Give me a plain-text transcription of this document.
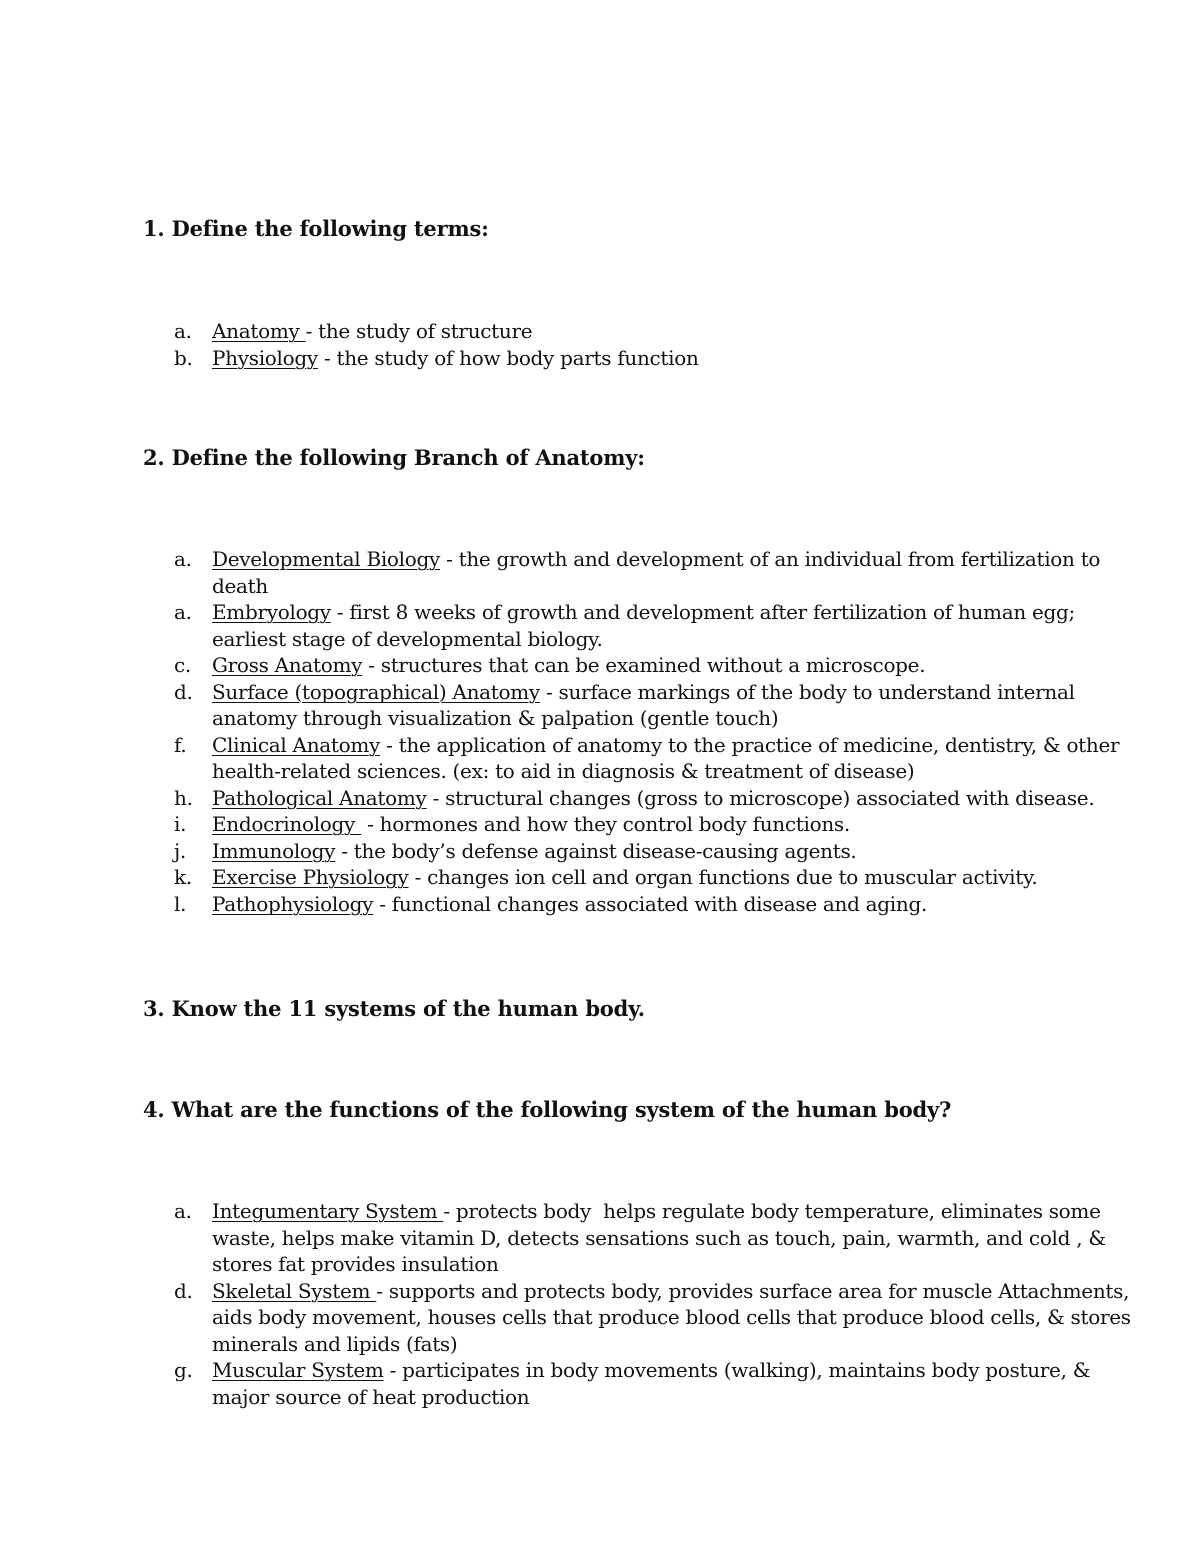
1. Define the following terms:
a. Anatomy - the study of structure
b. Physiology - the study of how body parts function
2. Define the following Branch of Anatomy:
a. Developmental Biology - the growth and development of an individual from fertilization to death
a. Embryology - first 8 weeks of growth and development after fertilization of human egg; earliest stage of developmental biology.
c. Gross Anatomy - structures that can be examined without a microscope.
d. Surface (topographical) Anatomy - surface markings of the body to understand internal anatomy through visualization & palpation (gentle touch)
f. Clinical Anatomy - the application of anatomy to the practice of medicine, dentistry, & other health-related sciences. (ex: to aid in diagnosis & treatment of disease)
h. Pathological Anatomy - structural changes (gross to microscope) associated with disease.
i. Endocrinology  - hormones and how they control body functions.
j. Immunology - the body’s defense against disease-causing agents.
k. Exercise Physiology - changes ion cell and organ functions due to muscular activity.
l. Pathophysiology - functional changes associated with disease and aging.
3. Know the 11 systems of the human body.
4. What are the functions of the following system of the human body?
a. Integumentary System - protects body  helps regulate body temperature, eliminates some waste, helps make vitamin D, detects sensations such as touch, pain, warmth, and cold , & stores fat provides insulation
d. Skeletal System - supports and protects body, provides surface area for muscle Attachments, aids body movement, houses cells that produce blood cells that produce blood cells, & stores minerals and lipids (fats)
g. Muscular System - participates in body movements (walking), maintains body posture, & major source of heat production
